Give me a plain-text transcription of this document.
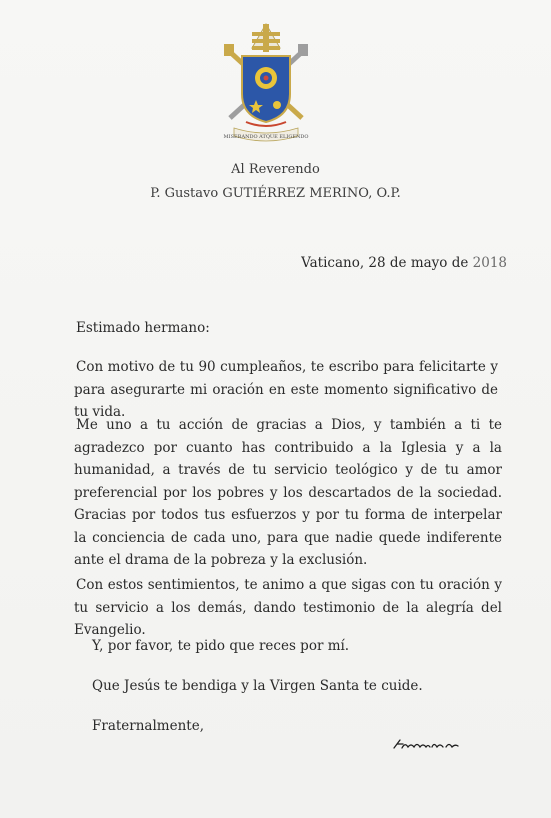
MISERANDO ATQUE ELIGENDO
Al Reverendo
P. Gustavo GUTIÉRREZ MERINO, O.P.
Vaticano, 28 de mayo de 2018
Estimado hermano:
Con motivo de tu 90 cumpleaños, te escribo para felicitarte y para asegurarte mi oración en este momento significativo de tu vida.
Me uno a tu acción de gracias a Dios, y también a ti te agradezco por cuanto has contribuido a la Iglesia y a la humanidad, a través de tu servicio teológico y de tu amor preferencial por los pobres y los descartados de la sociedad. Gracias por todos tus esfuerzos y por tu forma de interpelar la conciencia de cada uno, para que nadie quede indiferente ante el drama de la pobreza y la exclusión.
Con estos sentimientos, te animo a que sigas con tu oración y tu servicio a los demás, dando testimonio de la alegría del Evangelio.
Y, por favor, te pido que reces por mí.
Que Jesús te bendiga y la Virgen Santa te cuide.
Fraternalmente,
